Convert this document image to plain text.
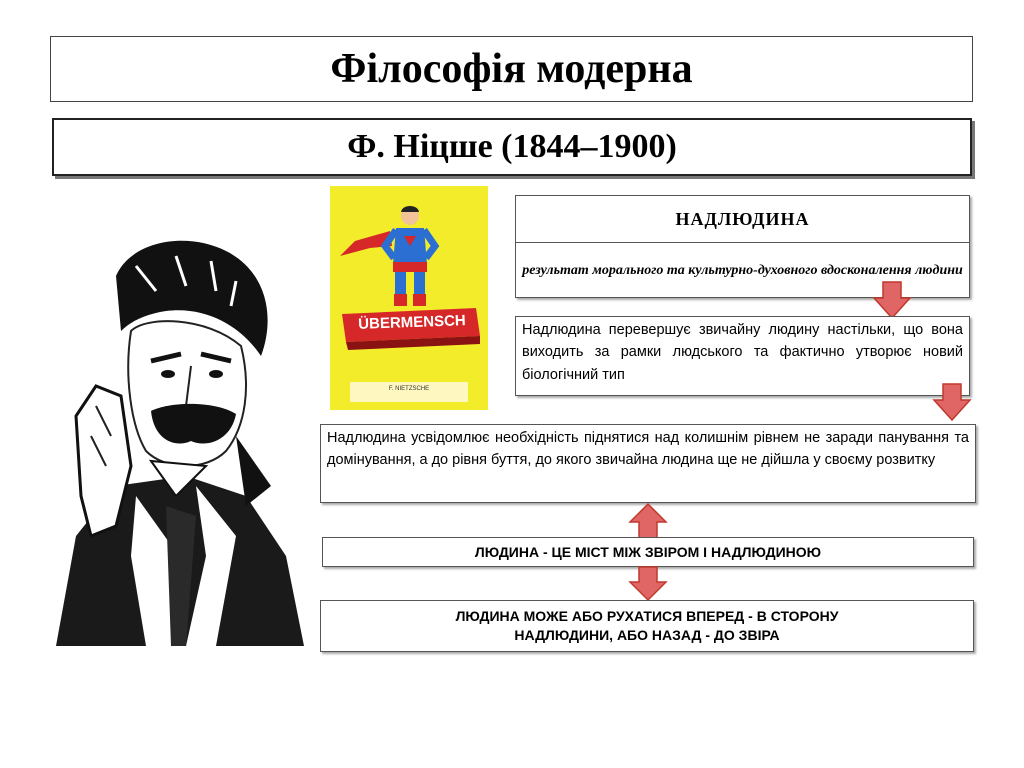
Філософія модерна
Ф. Ніцше (1844–1900)
ÜBERMENSCH
F. NIETZSCHE
НАДЛЮДИНА
результат морального та культурно-духовного вдосконалення людини
Надлюдина перевершує звичайну людину настільки, що вона виходить за рамки людського та фактично утворює новий біологічний тип
Надлюдина усвідомлює необхідність піднятися над колишнім рівнем не заради панування та домінування, а до рівня буття, до якого звичайна людина ще не дійшла у своєму розвитку
ЛЮДИНА - ЦЕ МІСТ МІЖ ЗВІРОМ І НАДЛЮДИНОЮ
ЛЮДИНА МОЖЕ АБО РУХАТИСЯ ВПЕРЕД - В СТОРОНУ
НАДЛЮДИНИ, АБО НАЗАД - ДО ЗВІРА
